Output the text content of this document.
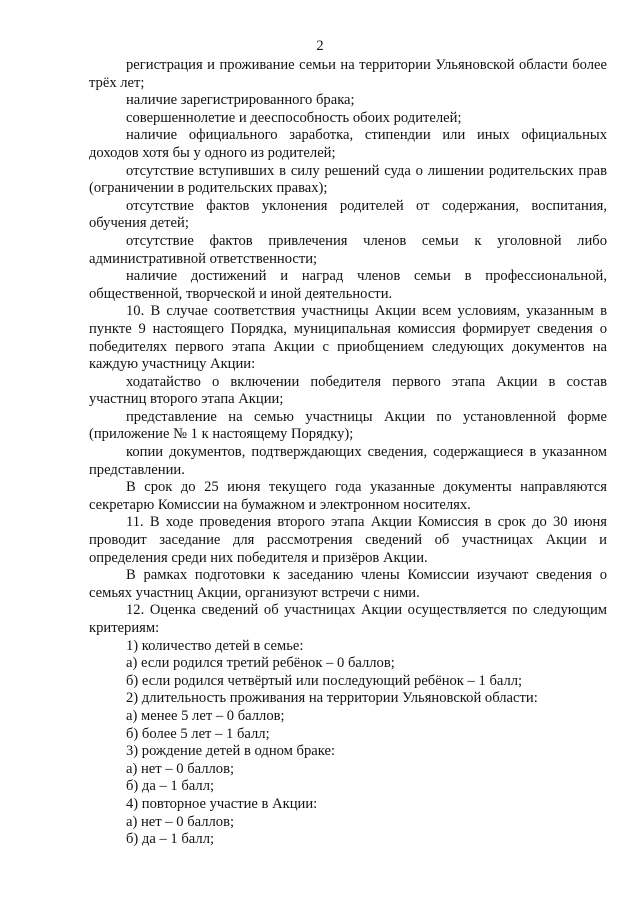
2

регистрация и проживание семьи на территории Ульяновской области более трёх лет;

наличие зарегистрированного брака;

совершеннолетие и дееспособность обоих родителей;

наличие официального заработка, стипендии или иных официальных доходов хотя бы у одного из родителей;

отсутствие вступивших в силу решений суда о лишении родительских прав (ограничении в родительских правах);

отсутствие фактов уклонения родителей от содержания, воспитания, обучения детей;

отсутствие фактов привлечения членов семьи к уголовной либо административной ответственности;

наличие достижений и наград членов семьи в профессиональной, общественной, творческой и иной деятельности.

10. В случае соответствия участницы Акции всем условиям, указанным в пункте 9 настоящего Порядка, муниципальная комиссия формирует сведения о победителях первого этапа Акции с приобщением следующих документов на каждую участницу Акции:

ходатайство о включении победителя первого этапа Акции в состав участниц второго этапа Акции;

представление на семью участницы Акции по установленной форме (приложение № 1 к настоящему Порядку);

копии документов, подтверждающих сведения, содержащиеся в указанном представлении.

В срок до 25 июня текущего года указанные документы направляются секретарю Комиссии на бумажном и электронном носителях.

11. В ходе проведения второго этапа Акции Комиссия в срок до 30 июня проводит заседание для рассмотрения сведений об участницах Акции и определения среди них победителя и призёров Акции.

В рамках подготовки к заседанию члены Комиссии изучают сведения о семьях участниц Акции, организуют встречи с ними.

12. Оценка сведений об участницах Акции осуществляется по следующим критериям:

1) количество детей в семье:

а) если родился третий ребёнок – 0 баллов;

б) если родился четвёртый или последующий ребёнок – 1 балл;

2) длительность проживания на территории Ульяновской области:

а) менее 5 лет – 0 баллов;

б) более 5 лет – 1 балл;

3) рождение детей в одном браке:

а) нет – 0 баллов;

б) да – 1 балл;

4) повторное участие в Акции:

а) нет – 0 баллов;

б) да – 1 балл;
